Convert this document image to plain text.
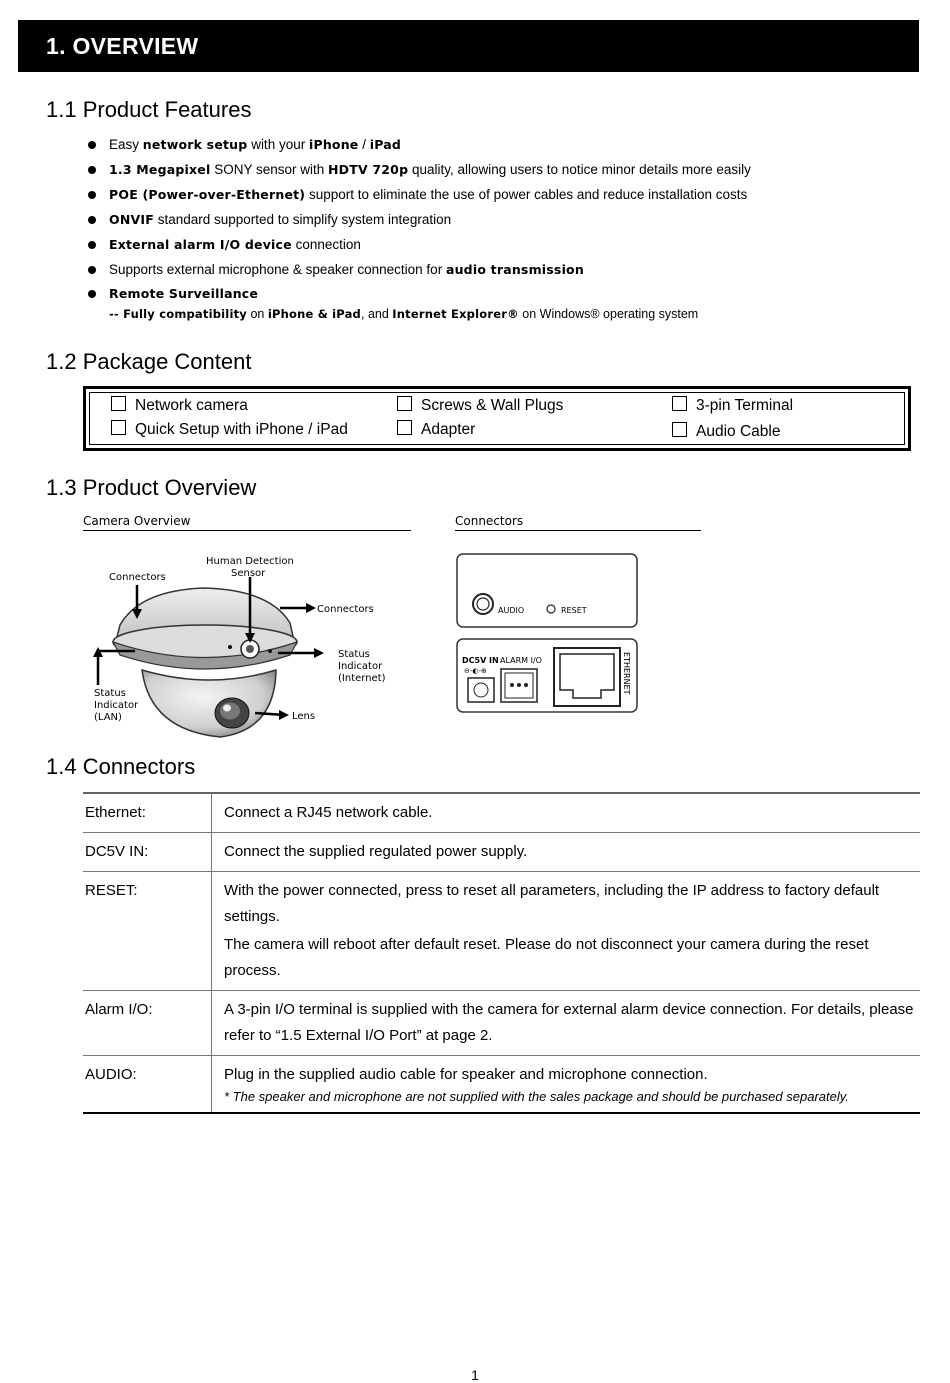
1. OVERVIEW
1.1 Product Features
Easy network setup with your iPhone / iPad
1.3 Megapixel SONY sensor with HDTV 720p quality, allowing users to notice minor details more easily
POE (Power-over-Ethernet) support to eliminate the use of power cables and reduce installation costs
ONVIF standard supported to simplify system integration
External alarm I/O device connection
Supports external microphone & speaker connection for audio transmission
Remote Surveillance
-- Fully compatibility on iPhone & iPad, and Internet Explorer® on Windows® operating system
1.2 Package Content
Network camera	Screws & Wall Plugs	3-pin Terminal
Quick Setup with iPhone / iPad	Adapter	Audio Cable
1.3 Product Overview
Camera Overview	Connectors
Connectors
Human Detection
Sensor
Connectors
Status
Indicator
(Internet)
Status
Indicator
(LAN)	Lens
AUDIO	RESET
DC5V IN ALARM I/O
⊖-◐-⊕	ETHERNET
1.4 Connectors
Ethernet:	Connect a RJ45 network cable.

DC5V IN:	Connect the supplied regulated power supply.

RESET:	With the power connected, press to reset all parameters, including the IP address to factory default settings.
The camera will reboot after default reset. Please do not disconnect your camera during the reset process.

Alarm I/O:	A 3-pin I/O terminal is supplied with the camera for external alarm device connection. For details, please refer to “1.5 External I/O Port” at page 2.

AUDIO:	Plug in the supplied audio cable for speaker and microphone connection.
* The speaker and microphone are not supplied with the sales package and should be purchased separately.
1
